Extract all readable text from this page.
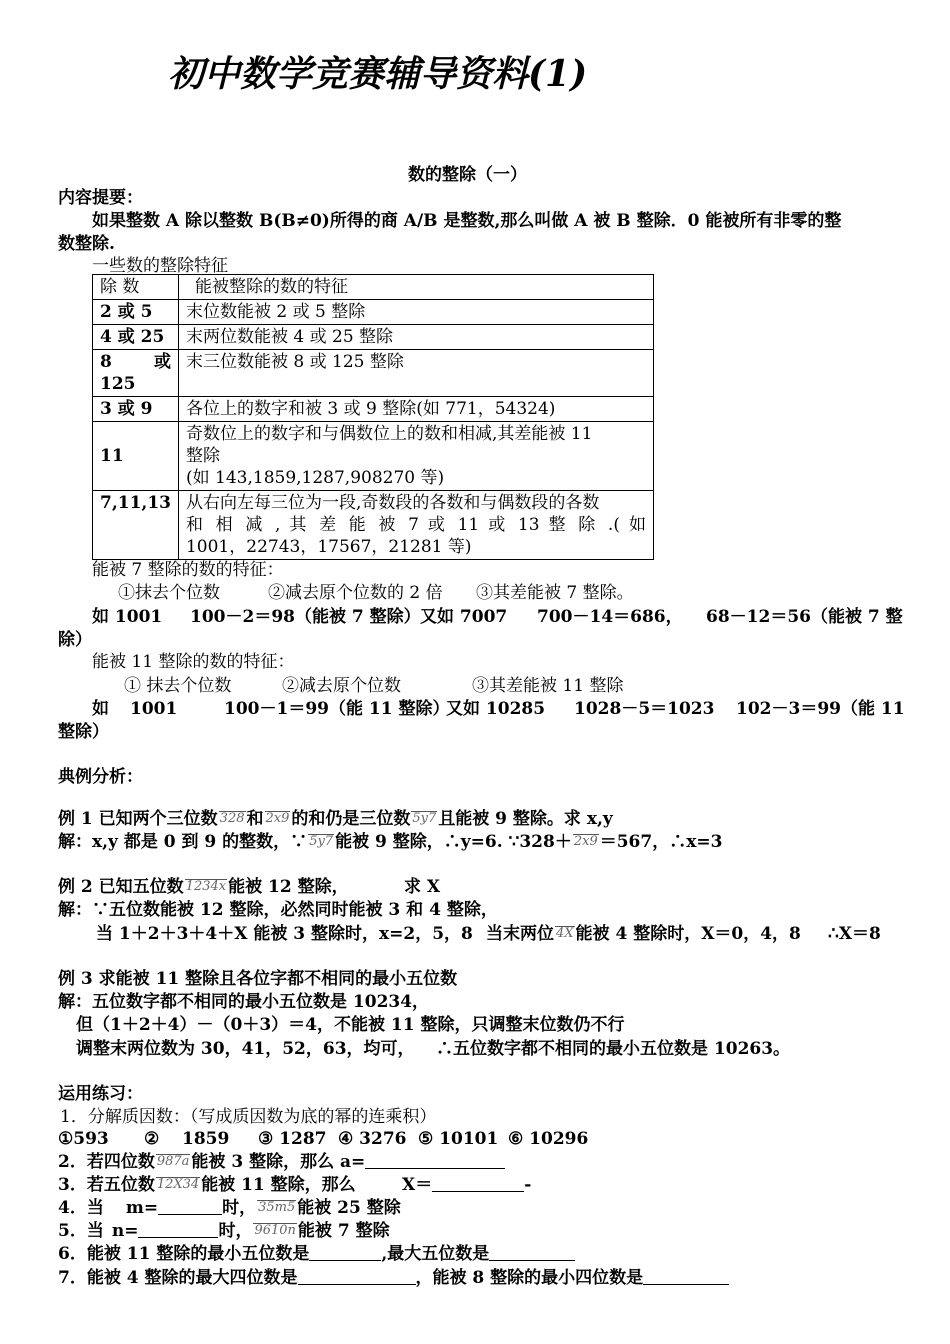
初中数学竞赛辅导资料(1)
数的整除（一）
内容提要：
如果整数 A 除以整数 B(B≠0)所得的商 A/B 是整数,那么叫做 A 被 B 整除．0 能被所有非零的整
数整除.
一些数的整除特征
除 数	能被整除的数的特征
2 或 5	末位数能被 2 或 5 整除
4 或 25	末两位数能被 4 或 25 整除
8 或 125	末三位数能被 8 或 125 整除
3 或 9	各位上的数字和被 3 或 9 整除(如 771，54324)
11	奇数位上的数字和与偶数位上的数和相减,其差能被 11
整除
(如 143,1859,1287,908270 等)

7,11,13	从右向左每三位为一段,奇数段的各数和与偶数段的各数
和 相 减 , 其 差 能 被 7 或 11 或 13 整 除 .( 如
1001，22743，17567，21281 等)
能被 7 整除的数的特征：
①抹去个位数	②减去原个位数的 2 倍 ③其差能被 7 整除。
如 1001 100－2＝98（能被 7 整除） 又如 7007 700－14＝686， 68－12＝56（能被 7 整
除）
能被 11 整除的数的特征：
① 抹去个位数	②减去原个位数	③其差能被 11 整除
如 1001	100－1＝99（能 11 整除）
又如 10285 1028－5＝1023 102－3＝99（能 11
整除）
典例分析：
例 1 已知两个三位数 328 和 2x9 的和仍是三位数 5y7 且能被 9 整除。求 x,y
解：x,y 都是 0 到 9 的整数，∵ 5y7 能被 9 整除，∴y=6. ∵328＋ 2x9 ＝567，∴x=3
例 2 已知五位数 1234x 能被 12 整除，	求 X
解：∵五位数能被 12 整除，必然同时能被 3 和 4 整除，
当 1＋2＋3＋4＋X 能被 3 整除时，x=2，5，8 当末两位 4X 能被 4 整除时，X＝0，4，8 ∴X＝8
例 3 求能被 11 整除且各位字都不相同的最小五位数
解：五位数字都不相同的最小五位数是 10234，
但（1＋2＋4）－（0＋3）＝4，不能被 11 整除，只调整末位数仍不行
调整末两位数为 30，41，52，63，均可， ∴五位数字都不相同的最小五位数是 10263。
运用练习：
1．分解质因数：（写成质因数为底的幂的连乘积）
①593 ② 1859 ③ 1287 ④ 3276 ⑤ 10101 ⑥ 10296
2．若四位数 987a 能被 3 整除，那么 a=
3．若五位数 12X34 能被 11 整除，那么	X＝	-
4．当 m=	时， 35m5 能被 25 整除
5．当 n=	时， 9610n 能被 7 整除
6．能被 11 整除的最小五位数是	,最大五位数是
7．能被 4 整除的最大四位数是	，能被 8 整除的最小四位数是
